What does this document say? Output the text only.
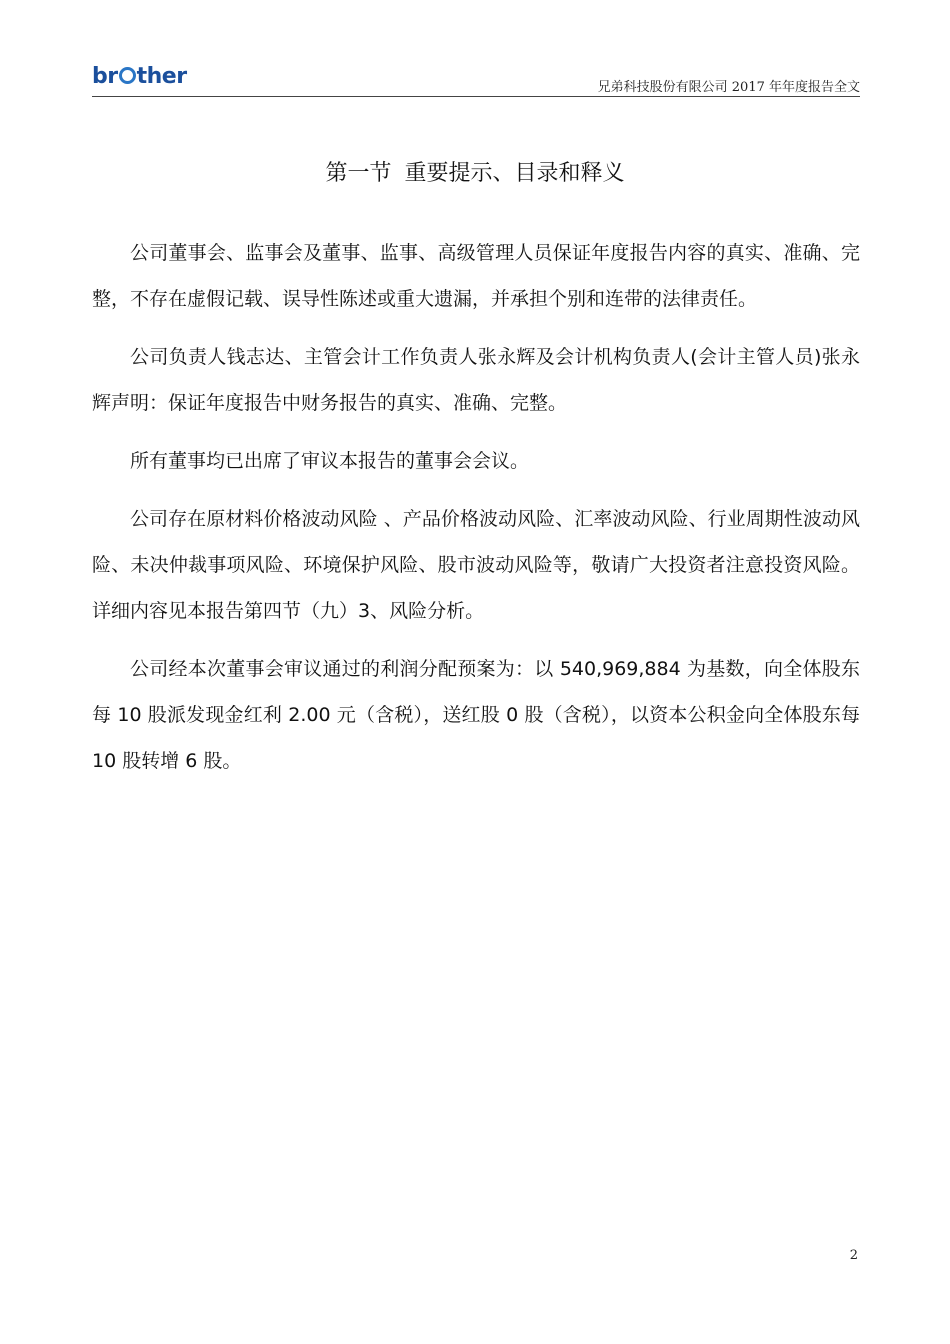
br ther	兄弟科技股份有限公司 2017 年年度报告全文
第一节 重要提示、目录和释义

公司董事会、监事会及董事、监事、高级管理人员保证年度报告内容的真实、准确、完整，不存在虚假记载、误导性陈述或重大遗漏，并承担个别和连带的法律责任。

公司负责人钱志达、主管会计工作负责人张永辉及会计机构负责人(会计主管人员)张永辉声明：保证年度报告中财务报告的真实、准确、完整。

所有董事均已出席了审议本报告的董事会会议。

公司存在原材料价格波动风险 、产品价格波动风险、汇率波动风险、行业周期性波动风险、未决仲裁事项风险、环境保护风险、股市波动风险等，敬请广大投资者注意投资风险。详细内容见本报告第四节（九）3、风险分析。

公司经本次董事会审议通过的利润分配预案为：以 540,969,884 为基数，向全体股东每 10 股派发现金红利 2.00 元（含税），送红股 0 股（含税），以资本公积金向全体股东每 10 股转增 6 股。

2
